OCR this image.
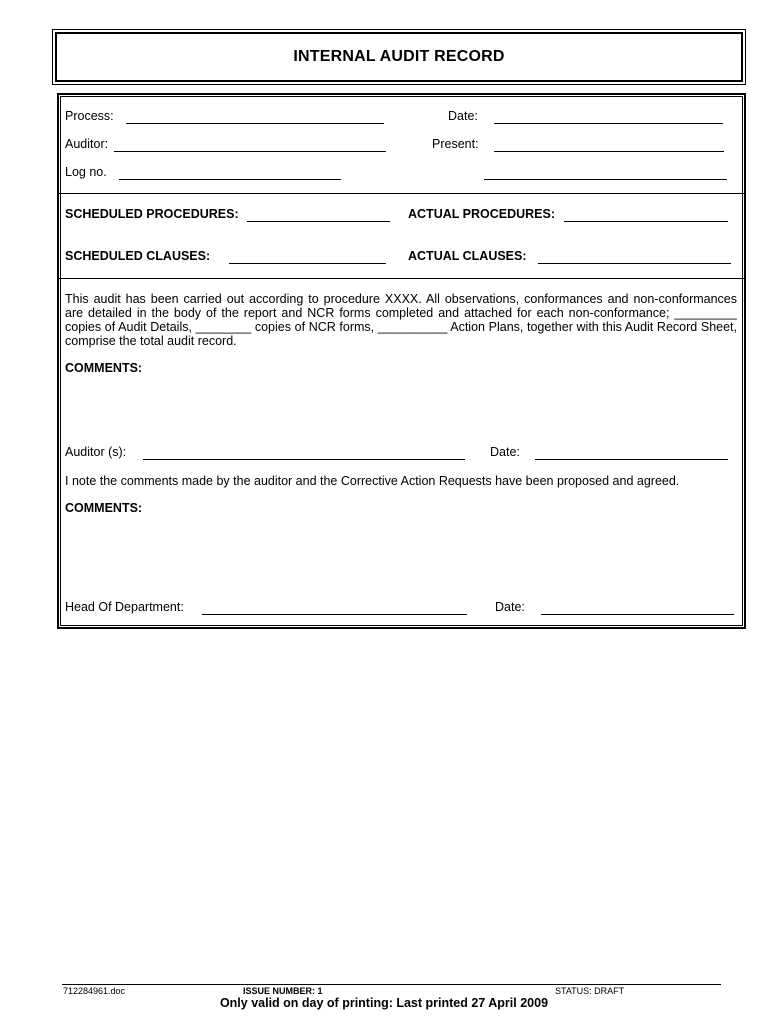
INTERNAL AUDIT RECORD
Process:	Date:
Auditor:	Present:
Log no.
SCHEDULED PROCEDURES:	ACTUAL PROCEDURES:
SCHEDULED CLAUSES:	ACTUAL CLAUSES:
This audit has been carried out according to procedure XXXX. All observations, conformances and non-conformances are detailed in the body of the report and NCR forms completed and attached for each non-conformance; _________ copies of Audit Details, ________ copies of NCR forms, __________ Action Plans, together with this Audit Record Sheet, comprise the total audit record.
COMMENTS:
Auditor (s):	Date:
I note the comments made by the auditor and the Corrective Action Requests have been proposed and agreed.
COMMENTS:
Head Of Department:	Date:
712284961.doc	ISSUE NUMBER: 1	STATUS: DRAFT
Only valid on day of printing: Last printed 27 April 2009
